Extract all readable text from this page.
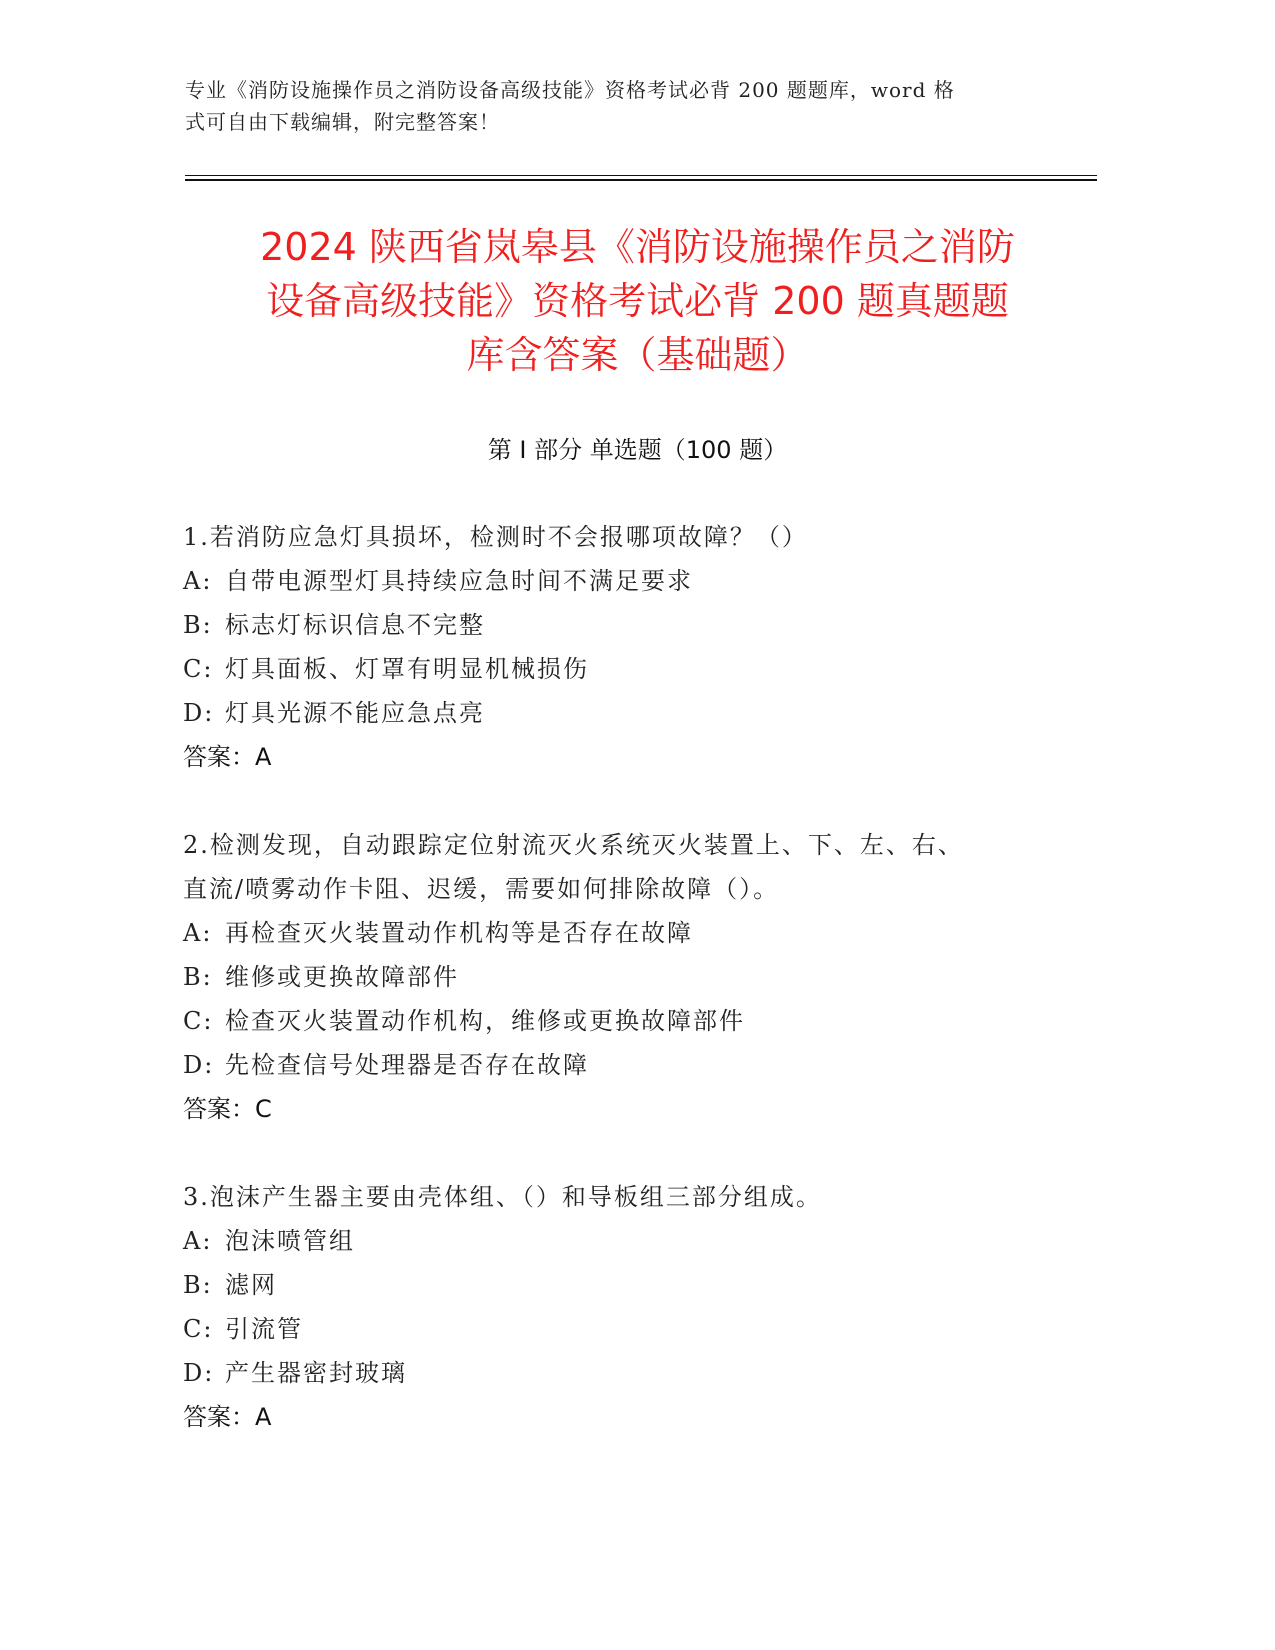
专业《消防设施操作员之消防设备高级技能》资格考试必背 200 题题库，word 格
式可自由下载编辑，附完整答案！
2024 陕西省岚皋县《消防设施操作员之消防
设备高级技能》资格考试必背 200 题真题题
库含答案（基础题）
第 I 部分 单选题（100 题）
1.若消防应急灯具损坏，检测时不会报哪项故障？（）
A: 自带电源型灯具持续应急时间不满足要求
B: 标志灯标识信息不完整
C: 灯具面板、灯罩有明显机械损伤
D: 灯具光源不能应急点亮
答案：A
2.检测发现，自动跟踪定位射流灭火系统灭火装置上、下、左、右、
直流/喷雾动作卡阻、迟缓，需要如何排除故障（）。
A: 再检查灭火装置动作机构等是否存在故障
B: 维修或更换故障部件
C: 检查灭火装置动作机构，维修或更换故障部件
D: 先检查信号处理器是否存在故障
答案：C
3.泡沫产生器主要由壳体组、（）和导板组三部分组成。
A: 泡沫喷管组
B: 滤网
C: 引流管
D: 产生器密封玻璃
答案：A
